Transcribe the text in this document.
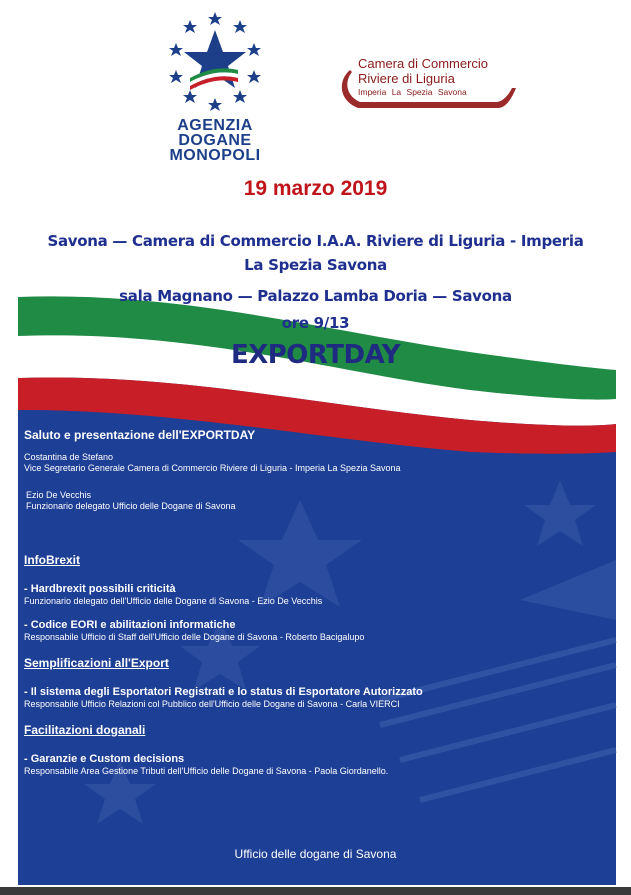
AGENZIA
DOGANE
MONOPOLI
Camera di Commercio
Riviere di Liguria
Imperia La Spezia Savona
19 marzo 2019
Savona — Camera di Commercio I.A.A. Riviere di Liguria - Imperia
La Spezia Savona
sala Magnano — Palazzo Lamba Doria — Savona
ore 9/13
EXPORTDAY
Saluto e presentazione dell'EXPORTDAY
Costantina de Stefano
Vice Segretario Generale Camera di Commercio Riviere di Liguria - Imperia La Spezia Savona
Ezio De Vecchis
Funzionario delegato Ufficio delle Dogane di Savona
InfoBrexit
- Hardbrexit possibili criticità
Funzionario delegato dell'Ufficio delle Dogane di Savona - Ezio De Vecchis
- Codice EORI e abilitazioni informatiche
Responsabile Ufficio di Staff dell'Ufficio delle Dogane di Savona - Roberto Bacigalupo
Semplificazioni all'Export
- Il sistema degli Esportatori Registrati e lo status di Esportatore Autorizzato
Responsabile Ufficio Relazioni col Pubblico dell'Ufficio delle Dogane di Savona - Carla VIERCI
Facilitazioni doganali
- Garanzie e Custom decisions
Responsabile Area Gestione Tributi dell'Ufficio delle Dogane di Savona - Paola Giordanello.
Ufficio delle dogane di Savona
